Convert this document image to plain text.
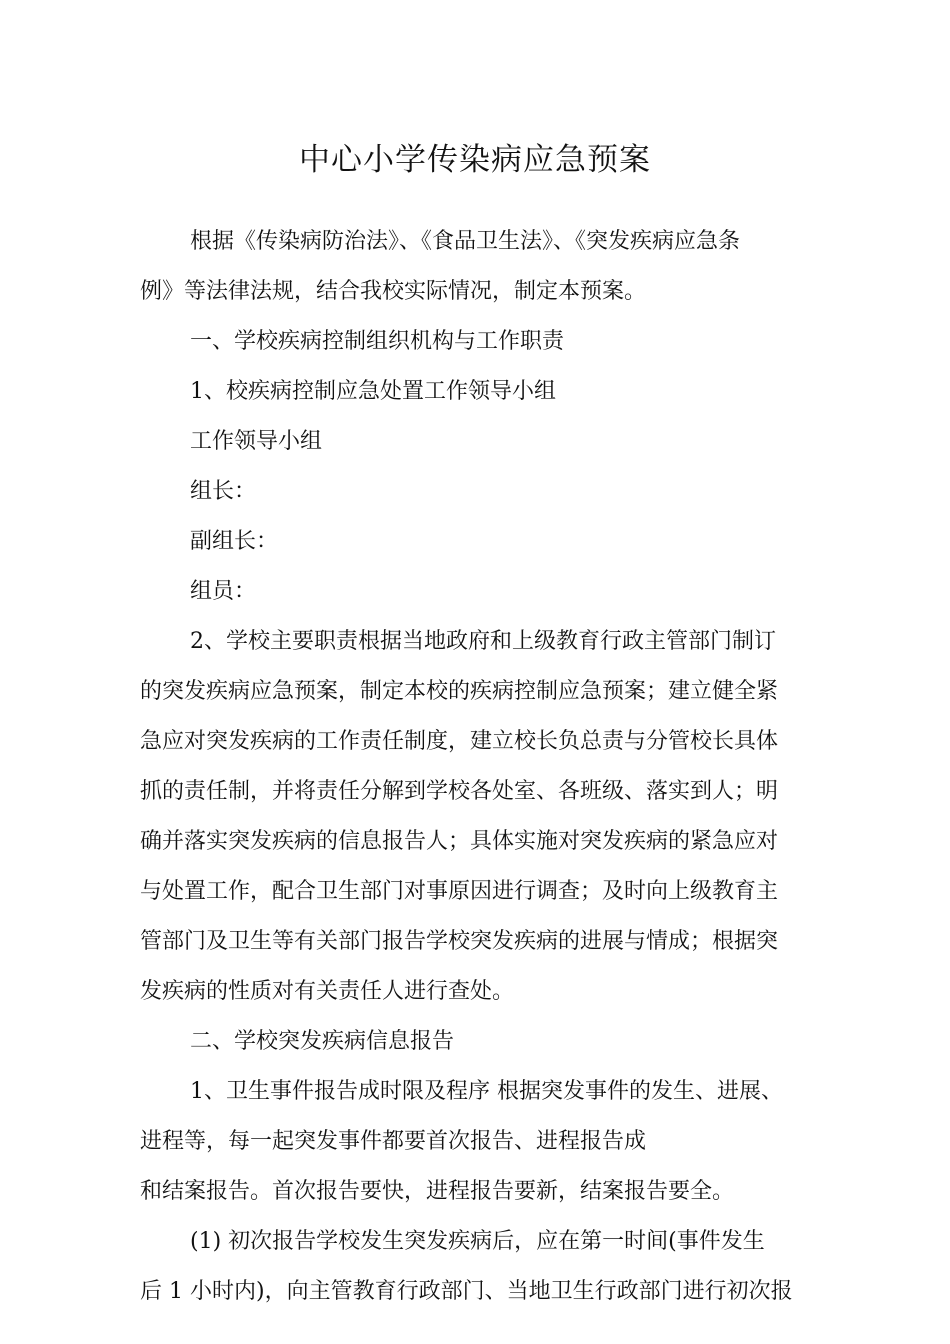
中心小学传染病应急预案
根据《传染病防治法》、《食品卫生法》、《突发疾病应急条
例》等法律法规，结合我校实际情况，制定本预案。
一、学校疾病控制组织机构与工作职责
1、校疾病控制应急处置工作领导小组
工作领导小组
组长：
副组长：
组员：
2、学校主要职责根据当地政府和上级教育行政主管部门制订
的突发疾病应急预案，制定本校的疾病控制应急预案；建立健全紧
急应对突发疾病的工作责任制度，建立校长负总责与分管校长具体
抓的责任制，并将责任分解到学校各处室、各班级、落实到人；明
确并落实突发疾病的信息报告人；具体实施对突发疾病的紧急应对
与处置工作，配合卫生部门对事原因进行调查；及时向上级教育主
管部门及卫生等有关部门报告学校突发疾病的进展与情成；根据突
发疾病的性质对有关责任人进行查处。
二、学校突发疾病信息报告
1、卫生事件报告成时限及程序 根据突发事件的发生、进展、
进程等，每一起突发事件都要首次报告、进程报告成
和结案报告。首次报告要快，进程报告要新，结案报告要全。
(1) 初次报告学校发生突发疾病后，应在第一时间(事件发生
后 1 小时内)，向主管教育行政部门、当地卫生行政部门进行初次报
